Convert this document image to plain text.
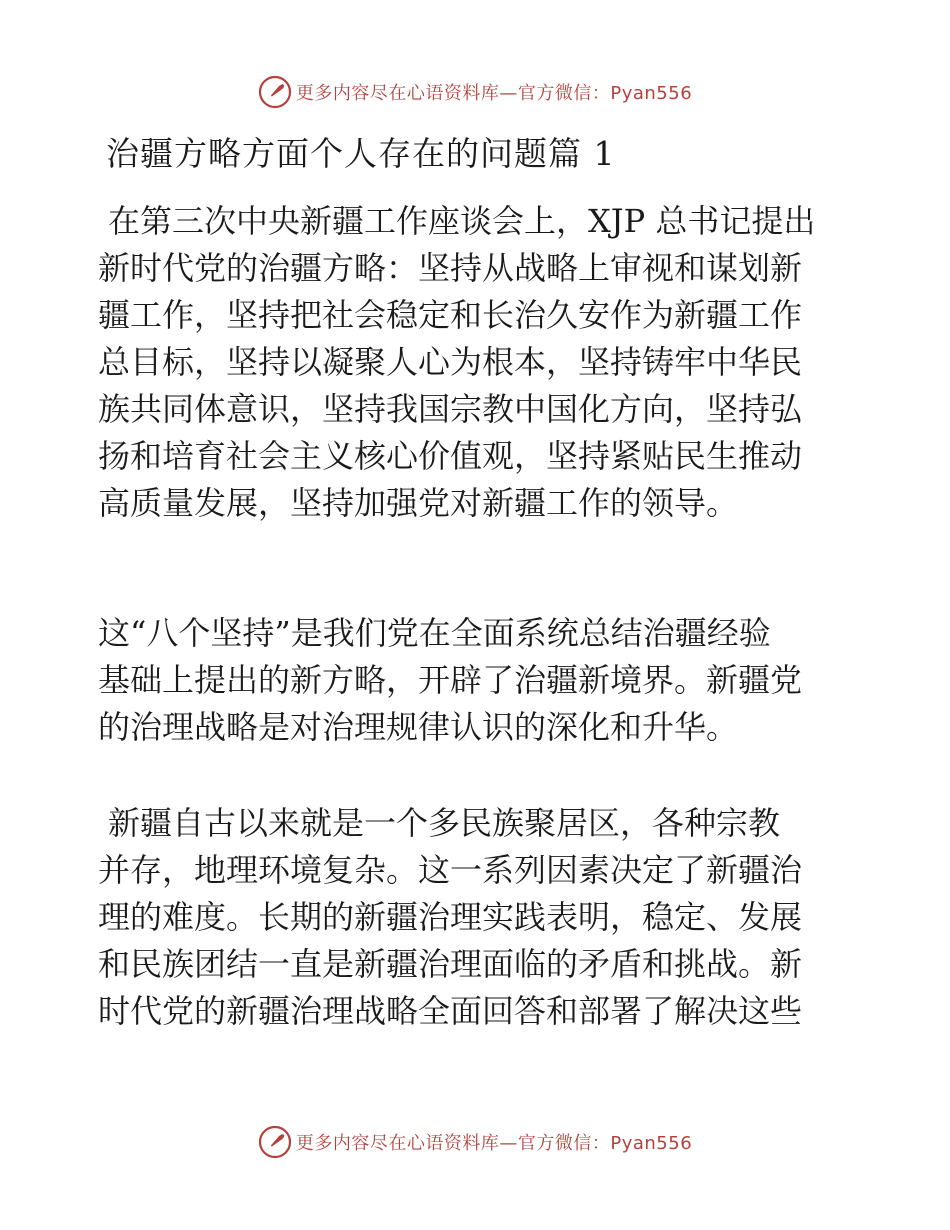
更多内容尽在心语资料库—官方微信：Pyan556
治疆方略方面个人存在的问题篇 1

在第三次中央新疆工作座谈会上，XJP 总书记提出
新时代党的治疆方略：坚持从战略上审视和谋划新
疆工作，坚持把社会稳定和长治久安作为新疆工作
总目标，坚持以凝聚人心为根本，坚持铸牢中华民
族共同体意识，坚持我国宗教中国化方向，坚持弘
扬和培育社会主义核心价值观，坚持紧贴民生推动
高质量发展，坚持加强党对新疆工作的领导。

这“八个坚持”是我们党在全面系统总结治疆经验
基础上提出的新方略，开辟了治疆新境界。新疆党
的治理战略是对治理规律认识的深化和升华。

新疆自古以来就是一个多民族聚居区，各种宗教
并存，地理环境复杂。这一系列因素决定了新疆治
理的难度。长期的新疆治理实践表明，稳定、发展
和民族团结一直是新疆治理面临的矛盾和挑战。新
时代党的新疆治理战略全面回答和部署了解决这些

更多内容尽在心语资料库—官方微信：Pyan556
